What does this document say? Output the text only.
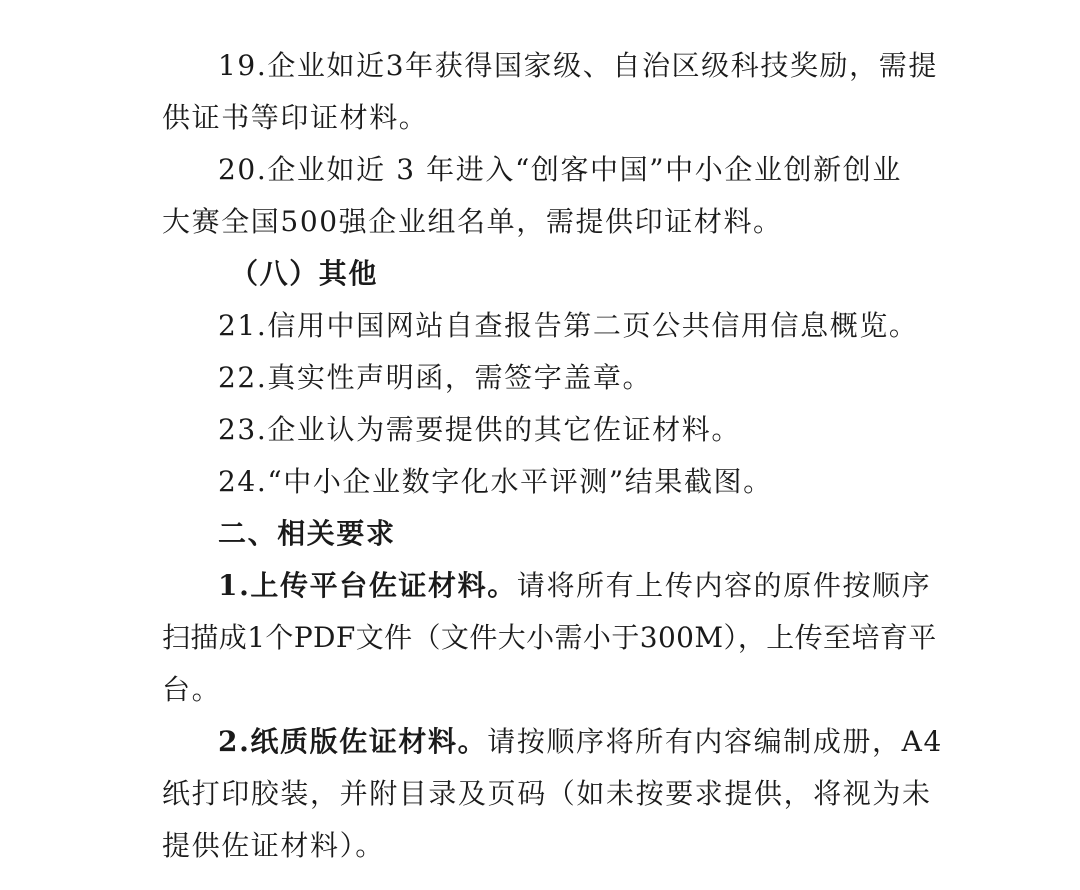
19.企业如近3年获得国家级、自治区级科技奖励，需提
供证书等印证材料。
20.企业如近 3 年进入“创客中国”中小企业创新创业
大赛全国500强企业组名单，需提供印证材料。
（八）其他
21.信用中国网站自查报告第二页公共信用信息概览。
22.真实性声明函，需签字盖章。
23.企业认为需要提供的其它佐证材料。
24.“中小企业数字化水平评测”结果截图。
二、相关要求
1.上传平台佐证材料。请将所有上传内容的原件按顺序
扫描成1个PDF文件（文件大小需小于300M），上传至培育平
台。
2.纸质版佐证材料。请按顺序将所有内容编制成册，A4
纸打印胶装，并附目录及页码（如未按要求提供，将视为未
提供佐证材料）。
